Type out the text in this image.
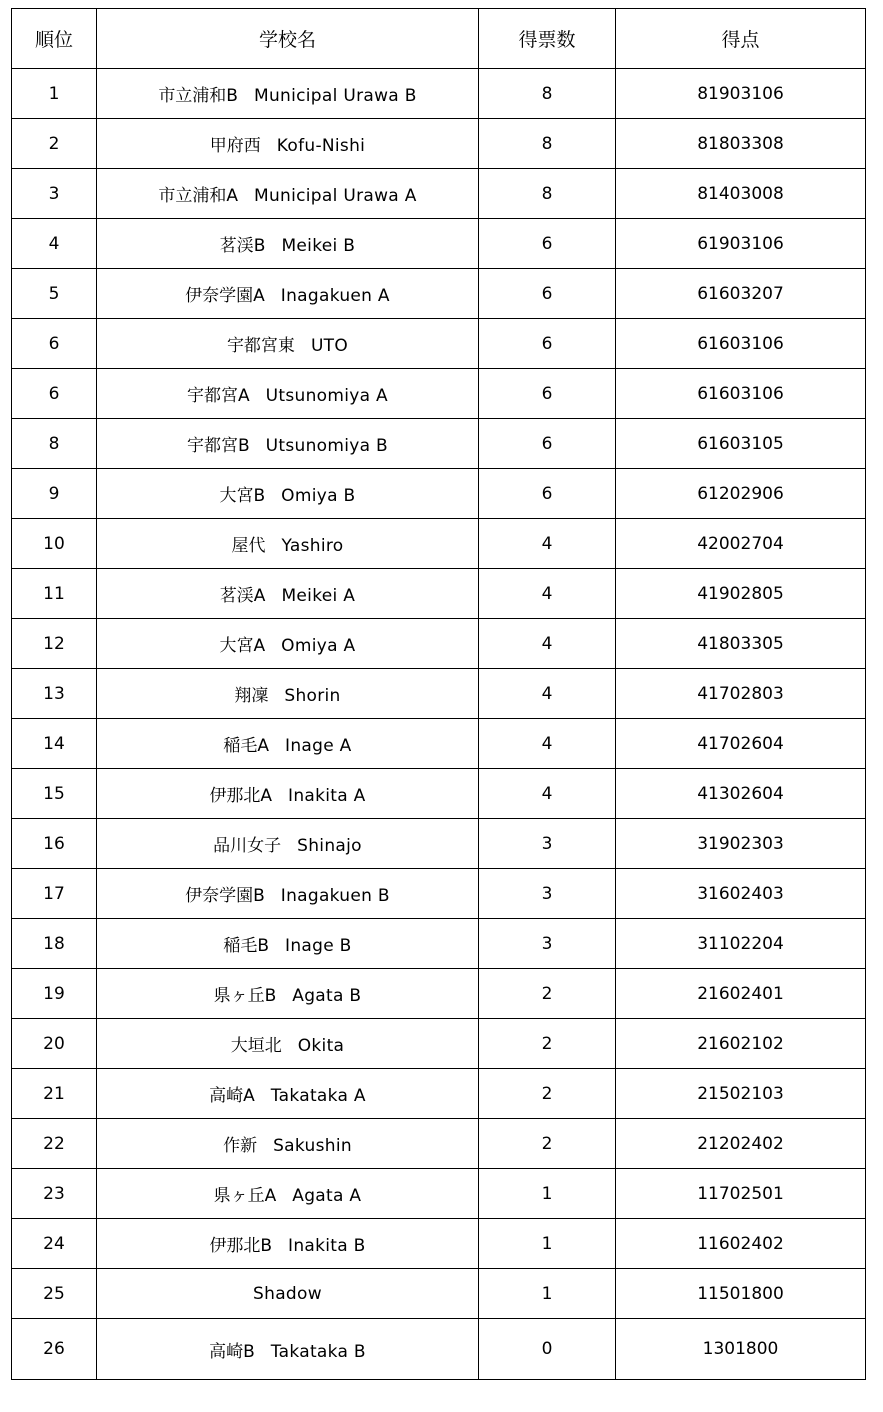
順位	学校名	得票数	得点
1	市立浦和B Municipal Urawa B	8	81903106
2	甲府西 Kofu-Nishi	8	81803308
3	市立浦和A Municipal Urawa A	8	81403008
4	茗渓B Meikei B	6	61903106
5	伊奈学園A Inagakuen A	6	61603207
6	宇都宮東 UTO	6	61603106
6	宇都宮A Utsunomiya A	6	61603106
8	宇都宮B Utsunomiya B	6	61603105
9	大宮B Omiya B	6	61202906
10	屋代 Yashiro	4	42002704
11	茗渓A Meikei A	4	41902805
12	大宮A Omiya A	4	41803305
13	翔凜 Shorin	4	41702803
14	稲毛A Inage A	4	41702604
15	伊那北A Inakita A	4	41302604
16	品川女子 Shinajo	3	31902303
17	伊奈学園B Inagakuen B	3	31602403
18	稲毛B Inage B	3	31102204
19	県ヶ丘B Agata B	2	21602401
20	大垣北 Okita	2	21602102
21	高崎A Takataka A	2	21502103
22	作新 Sakushin	2	21202402
23	県ヶ丘A Agata A	1	11702501
24	伊那北B Inakita B	1	11602402
25	Shadow	1	11501800
26	高崎B Takataka B	0	1301800
